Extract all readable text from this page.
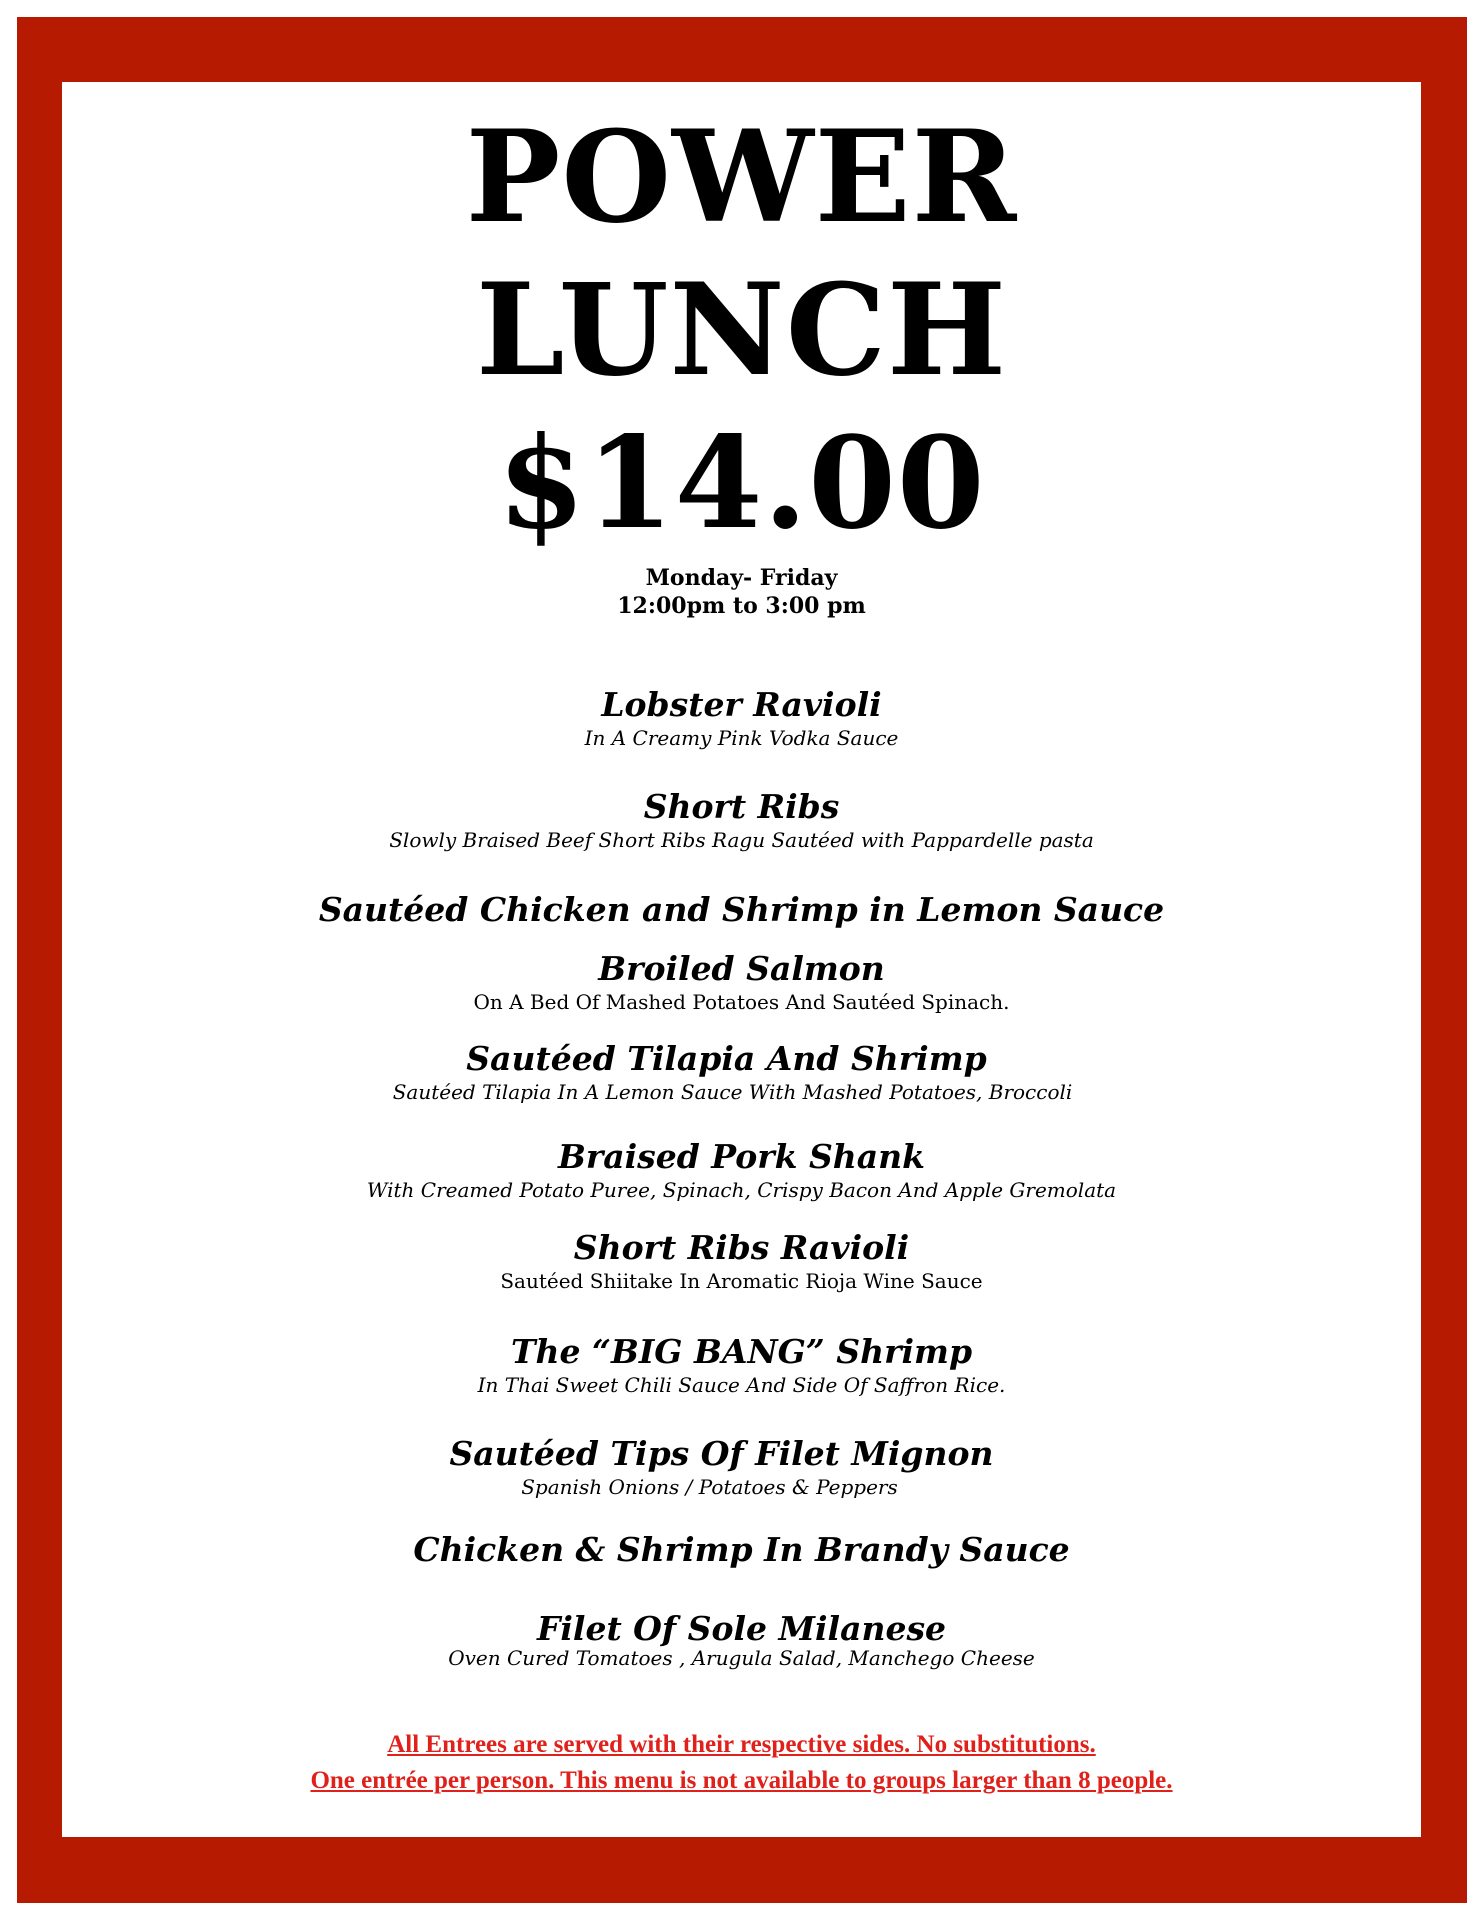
POWER
LUNCH
$14.00
Monday- Friday
12:00pm to 3:00 pm
Lobster Ravioli
In A Creamy Pink Vodka Sauce
Short Ribs
Slowly Braised Beef Short Ribs Ragu Sautéed with Pappardelle pasta
Sautéed Chicken and Shrimp in Lemon Sauce
Broiled Salmon
On A Bed Of Mashed Potatoes And Sautéed Spinach.
Sautéed Tilapia And Shrimp
Sautéed Tilapia In A Lemon Sauce With Mashed Potatoes, Broccoli
Braised Pork Shank
With Creamed Potato Puree, Spinach, Crispy Bacon And Apple Gremolata
Short Ribs Ravioli
Sautéed Shiitake In Aromatic Rioja Wine Sauce
The “BIG BANG” Shrimp
In Thai Sweet Chili Sauce And Side Of Saffron Rice.
Sautéed Tips Of Filet Mignon
Spanish Onions / Potatoes & Peppers
Chicken & Shrimp In Brandy Sauce
Filet Of Sole Milanese
Oven Cured Tomatoes , Arugula Salad, Manchego Cheese
All Entrees are served with their respective sides. No substitutions.
One entrée per person. This menu is not available to groups larger than 8 people.
